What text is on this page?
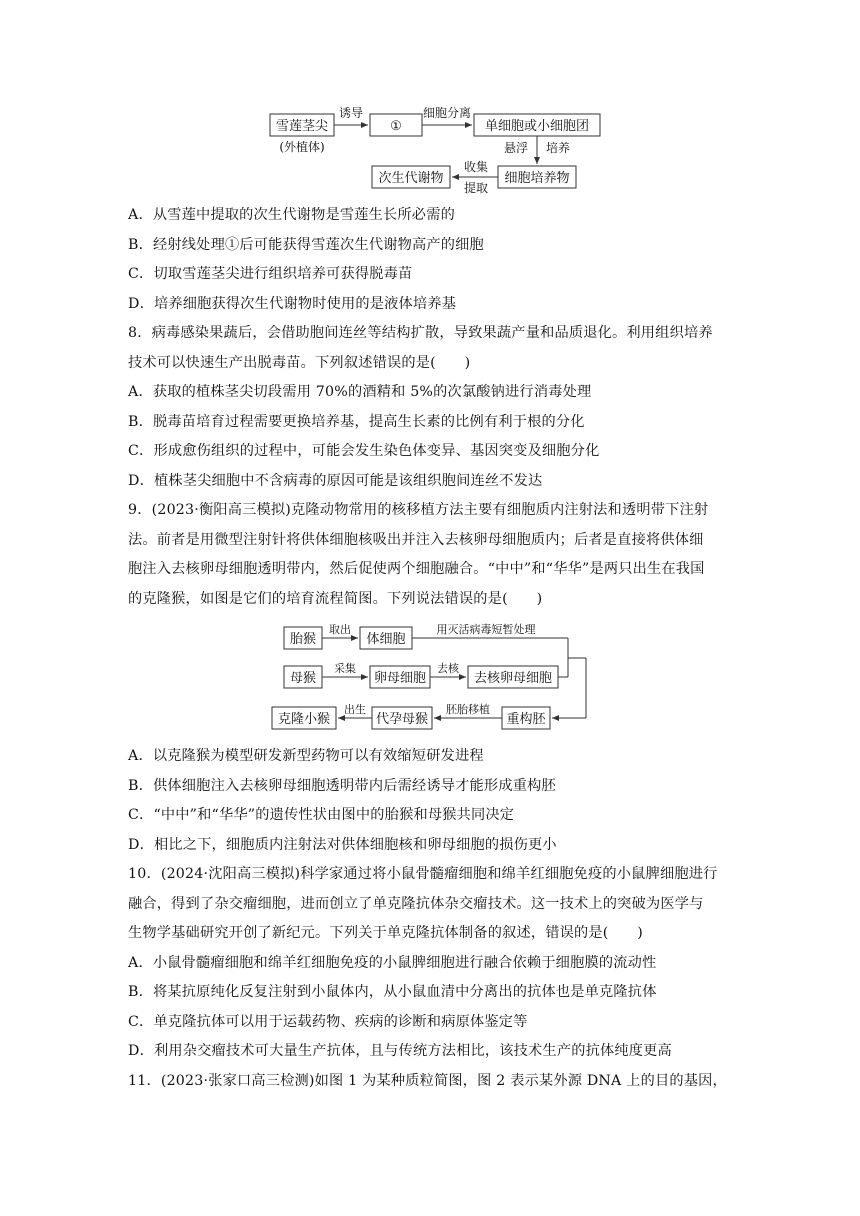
雪莲茎尖
(外植体)
诱导
①
细胞分离
单细胞或小细胞团
悬浮 培养
细胞培养物
收集
提取
次生代谢物
A．从雪莲中提取的次生代谢物是雪莲生长所必需的
B．经射线处理①后可能获得雪莲次生代谢物高产的细胞
C．切取雪莲茎尖进行组织培养可获得脱毒苗
D．培养细胞获得次生代谢物时使用的是液体培养基
8．病毒感染果蔬后，会借助胞间连丝等结构扩散，导致果蔬产量和品质退化。利用组织培养
技术可以快速生产出脱毒苗。下列叙述错误的是(　　)
A．获取的植株茎尖切段需用 70%的酒精和 5%的次氯酸钠进行消毒处理
B．脱毒苗培育过程需要更换培养基，提高生长素的比例有利于根的分化
C．形成愈伤组织的过程中，可能会发生染色体变异、基因突变及细胞分化
D．植株茎尖细胞中不含病毒的原因可能是该组织胞间连丝不发达
9．(2023·衡阳高三模拟)克隆动物常用的核移植方法主要有细胞质内注射法和透明带下注射
法。前者是用微型注射针将供体细胞核吸出并注入去核卵母细胞质内；后者是直接将供体细
胞注入去核卵母细胞透明带内，然后促使两个细胞融合。“中中”和“华华”是两只出生在我国
的克隆猴，如图是它们的培育流程简图。下列说法错误的是(　　)
胎猴
取出
体细胞
用灭活病毒短暂处理
母猴
采集
卵母细胞
去核
去核卵母细胞
重构胚
胚胎移植
代孕母猴
出生
克隆小猴
A．以克隆猴为模型研发新型药物可以有效缩短研发进程
B．供体细胞注入去核卵母细胞透明带内后需经诱导才能形成重构胚
C．“中中”和“华华”的遗传性状由图中的胎猴和母猴共同决定
D．相比之下，细胞质内注射法对供体细胞核和卵母细胞的损伤更小
10．(2024·沈阳高三模拟)科学家通过将小鼠骨髓瘤细胞和绵羊红细胞免疫的小鼠脾细胞进行
融合，得到了杂交瘤细胞，进而创立了单克隆抗体杂交瘤技术。这一技术上的突破为医学与
生物学基础研究开创了新纪元。下列关于单克隆抗体制备的叙述，错误的是(　　)
A．小鼠骨髓瘤细胞和绵羊红细胞免疫的小鼠脾细胞进行融合依赖于细胞膜的流动性
B．将某抗原纯化反复注射到小鼠体内，从小鼠血清中分离出的抗体也是单克隆抗体
C．单克隆抗体可以用于运载药物、疾病的诊断和病原体鉴定等
D．利用杂交瘤技术可大量生产抗体，且与传统方法相比，该技术生产的抗体纯度更高
11．(2023·张家口高三检测)如图 1 为某种质粒简图，图 2 表示某外源 DNA 上的目的基因，
